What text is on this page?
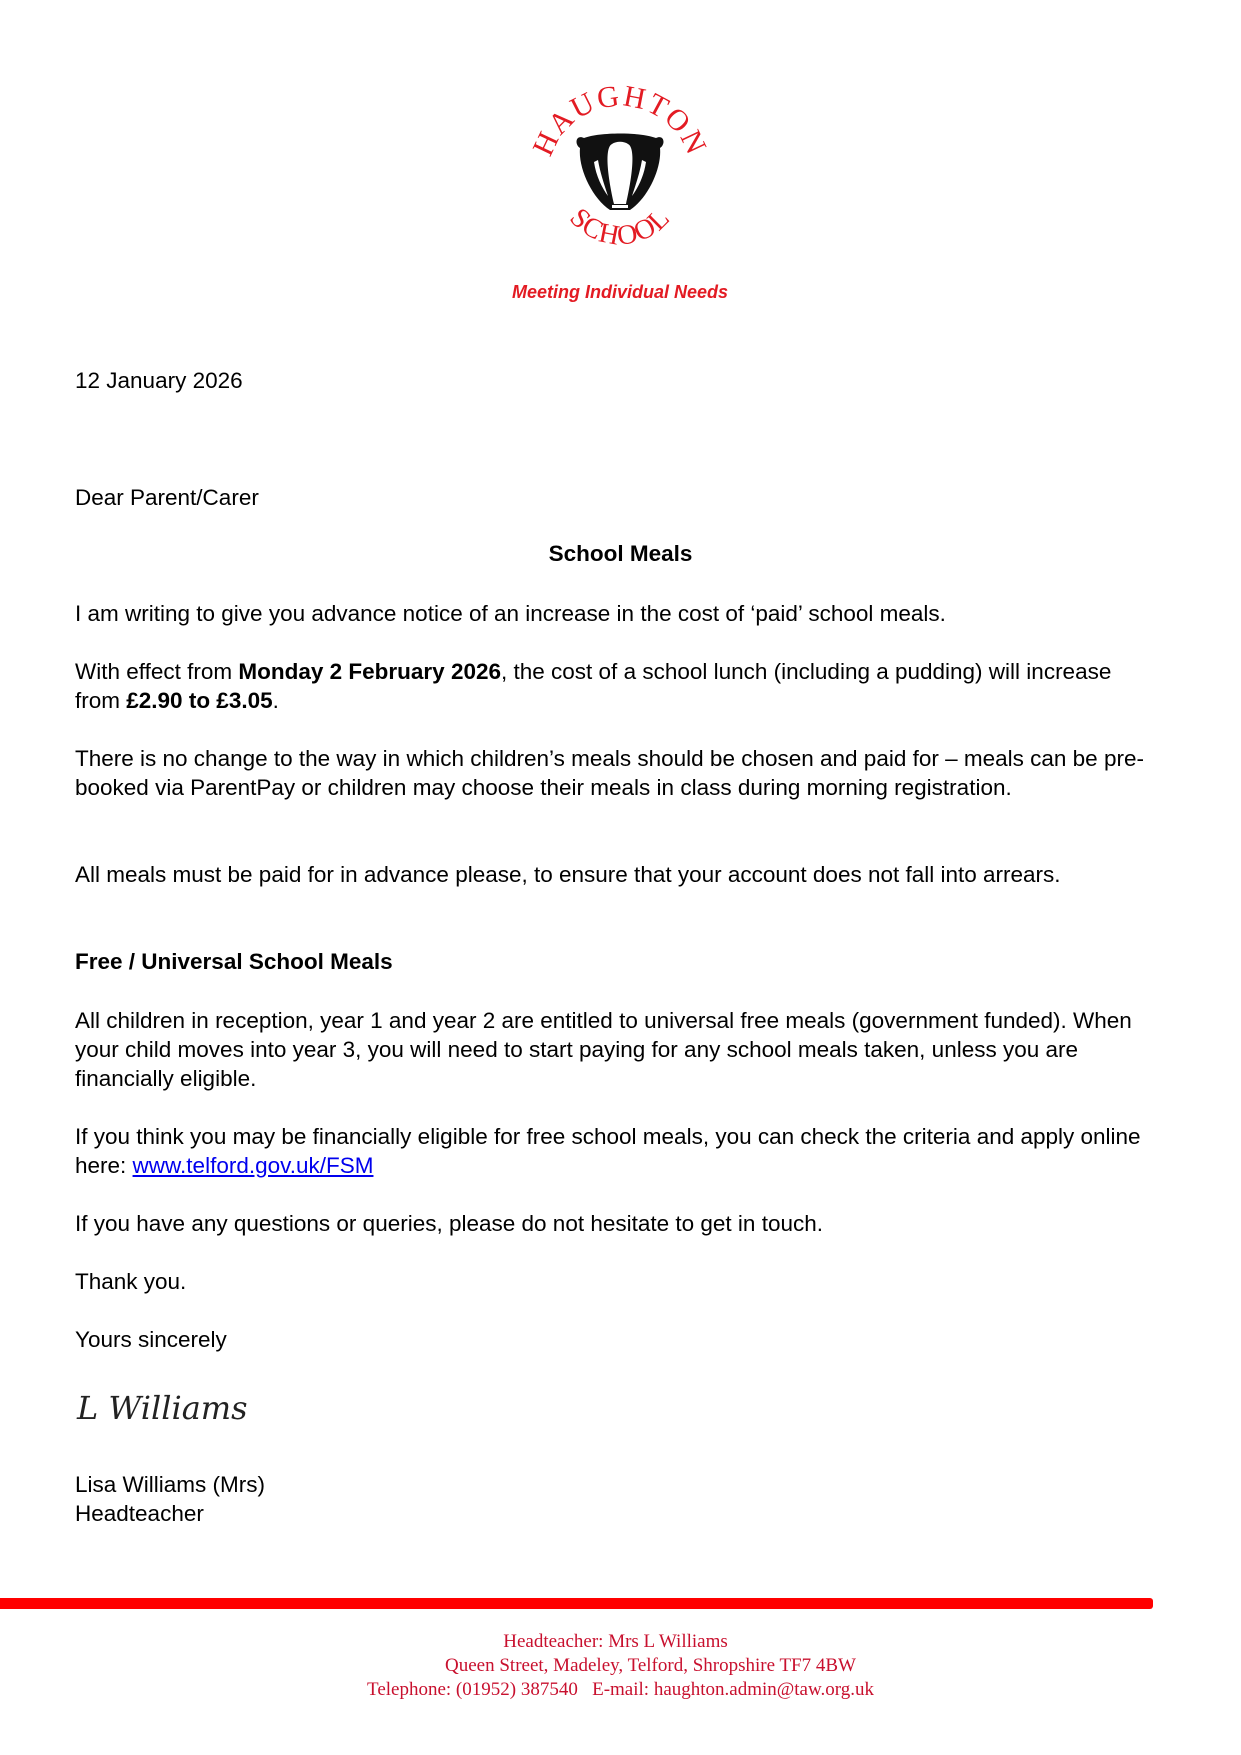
HAUGHTON
SCHOOL
Meeting Individual Needs
12 January 2026
Dear Parent/Carer
School Meals
I am writing to give you advance notice of an increase in the cost of ‘paid’ school meals.
With effect from Monday 2 February 2026, the cost of a school lunch (including a pudding) will increase from £2.90 to £3.05.
There is no change to the way in which children’s meals should be chosen and paid for – meals can be pre-booked via ParentPay or children may choose their meals in class during morning registration.
All meals must be paid for in advance please, to ensure that your account does not fall into arrears.
Free / Universal School Meals
All children in reception, year 1 and year 2 are entitled to universal free meals (government funded). When your child moves into year 3, you will need to start paying for any school meals taken, unless you are financially eligible.
If you think you may be financially eligible for free school meals, you can check the criteria and apply online here: www.telford.gov.uk/FSM
If you have any questions or queries, please do not hesitate to get in touch.
Thank you.
Yours sincerely
L Williams
Lisa Williams (Mrs)
Headteacher
Headteacher: Mrs L Williams
Queen Street, Madeley, Telford, Shropshire TF7 4BW
Telephone: (01952) 387540   E-mail: haughton.admin@taw.org.uk
